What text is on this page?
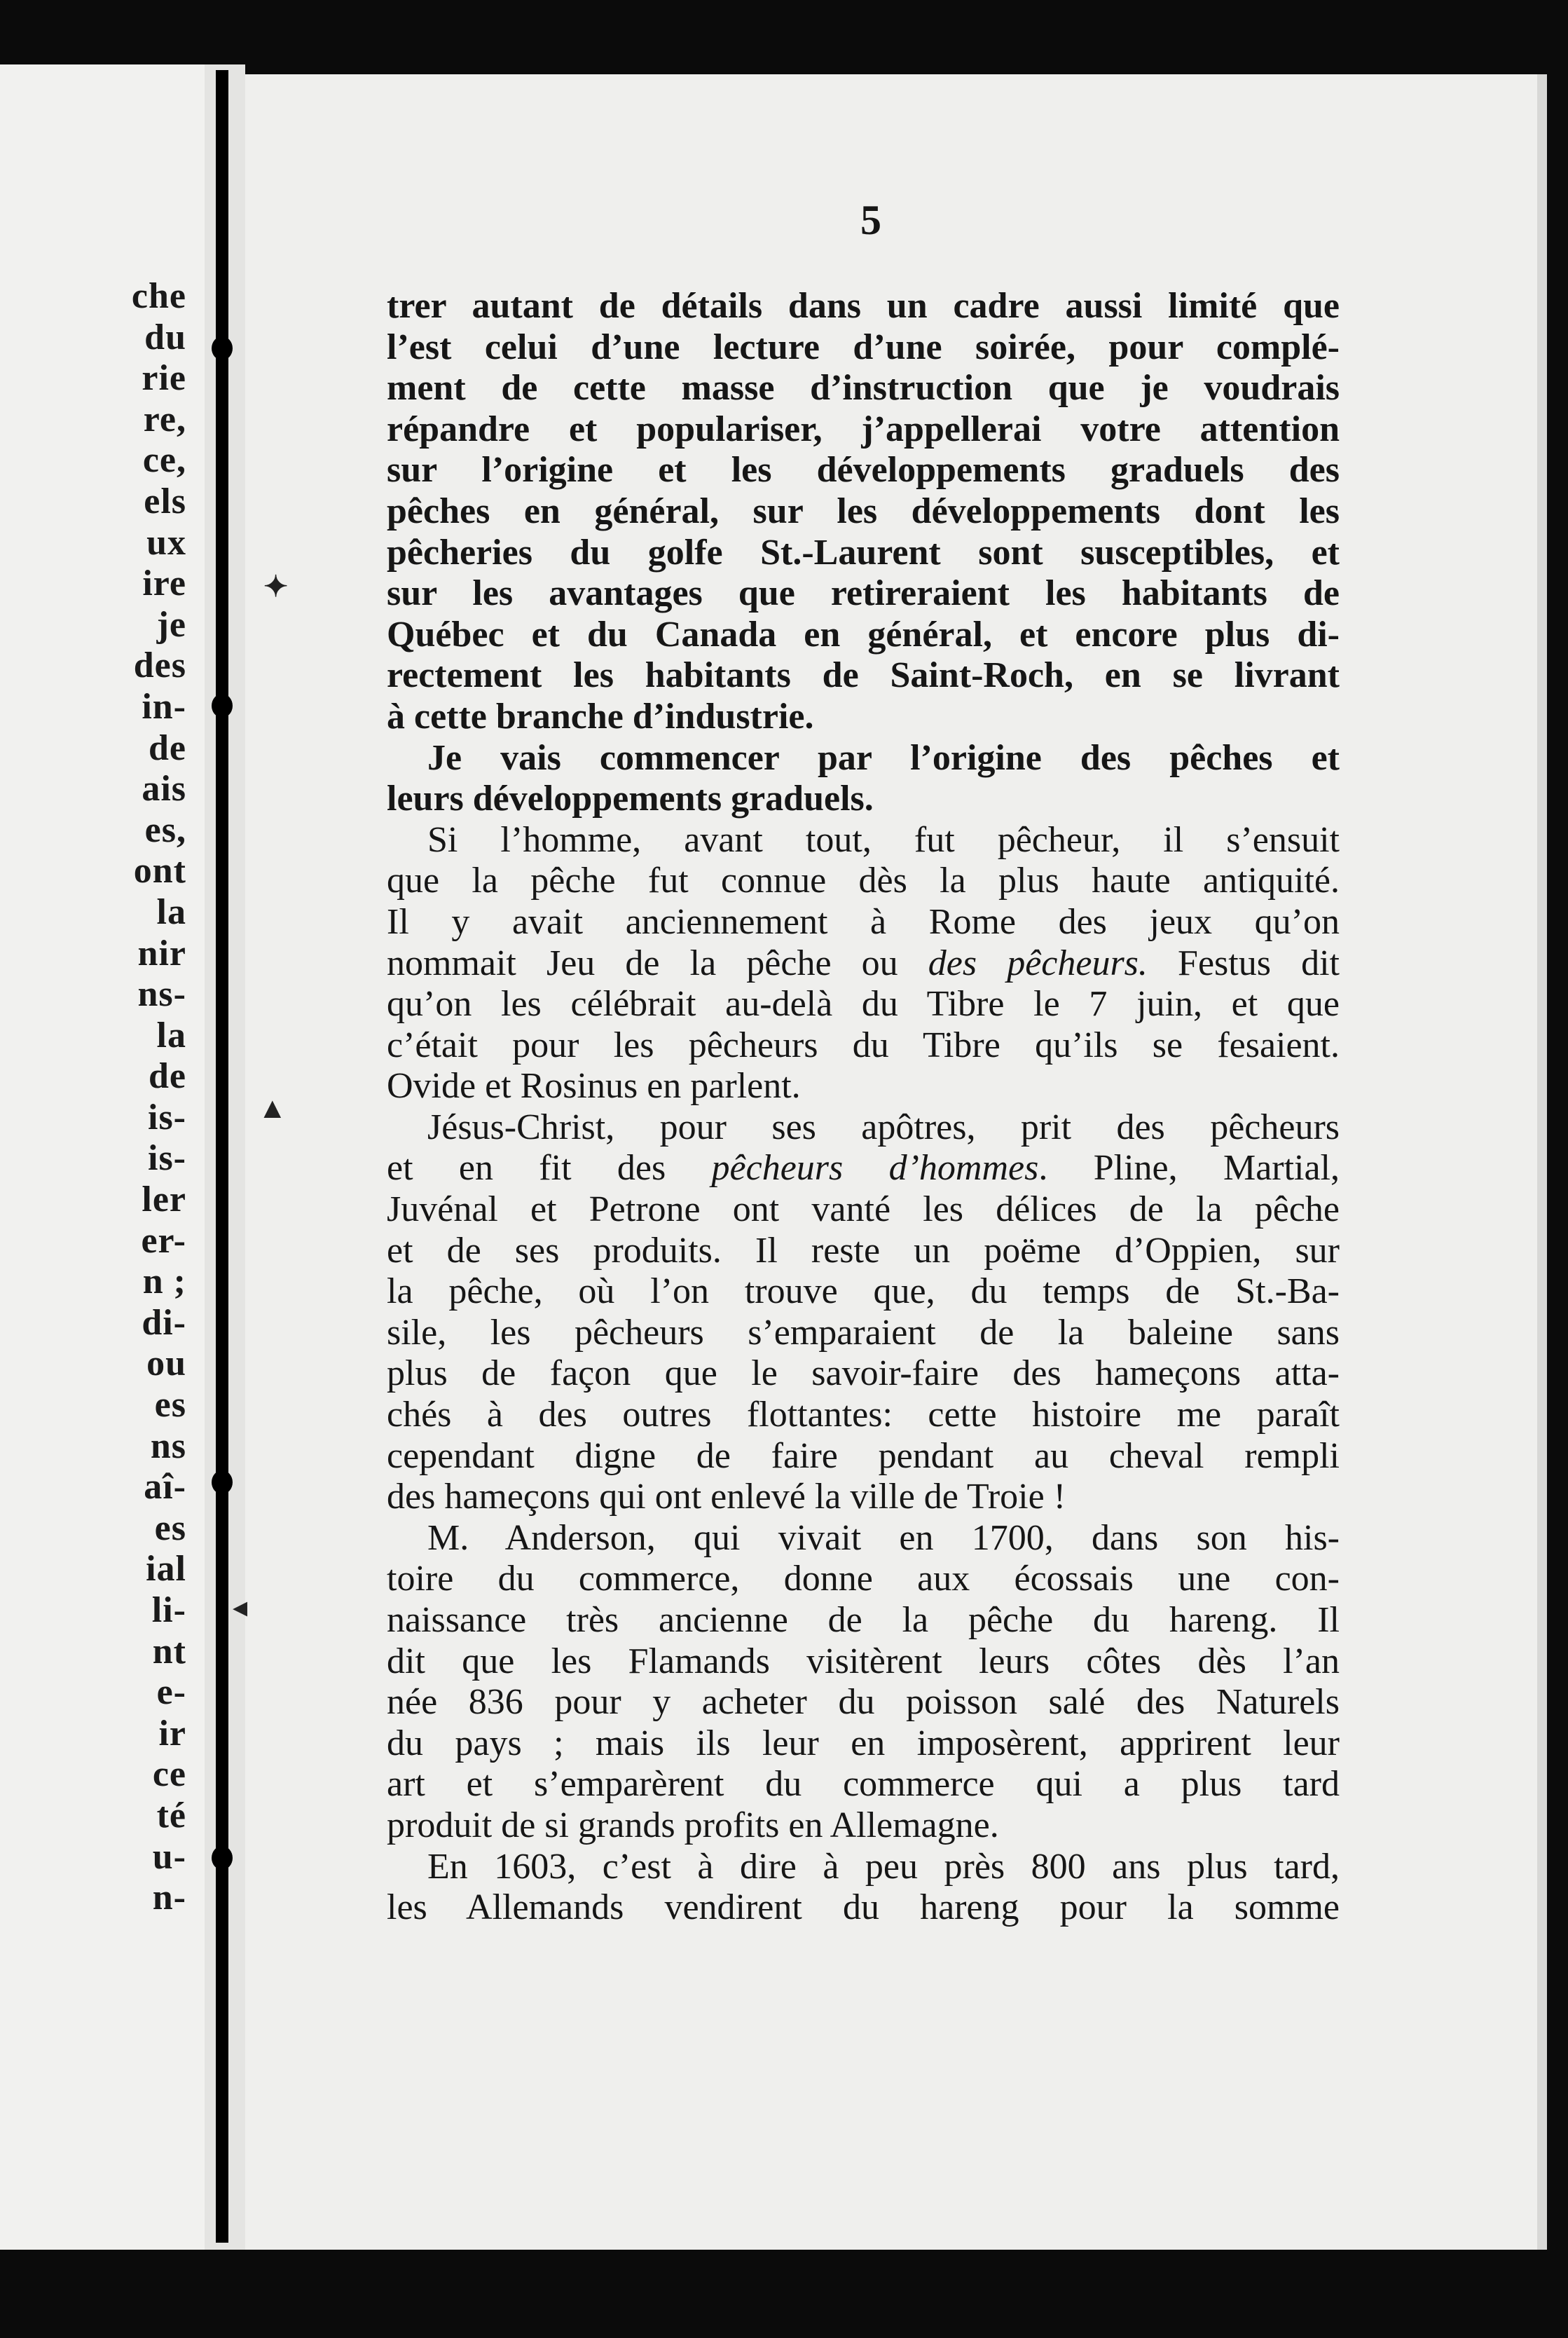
che
du
rie
re,
ce,
els
ux
ire
je
des
in-
de
ais
es,
ont
la
nir
ns-
la
de
is-
is-
ler
er-
n ;
di-
ou
es
ns
aî-
es
ial
li-
nt
e-
ir
ce
té
u-
n-
✦
▲
◂
5
trer autant de détails dans un cadre aussi limité que
l’est celui d’une lecture d’une soirée, pour complé-
ment de cette masse d’instruction que je voudrais
répandre et populariser, j’appellerai votre attention
sur l’origine et les développements graduels des
pêches en général, sur les développements dont les
pêcheries du golfe St.-Laurent sont susceptibles, et
sur les avantages que retireraient les habitants de
Québec et du Canada en général, et encore plus di-
rectement les habitants de Saint-Roch, en se livrant
à cette branche d’industrie.
Je vais commencer par l’origine des pêches et
leurs développements graduels.
Si l’homme, avant tout, fut pêcheur, il s’ensuit
que la pêche fut connue dès la plus haute antiquité.
Il y avait anciennement à Rome des jeux qu’on
nommait Jeu de la pêche ou des pêcheurs. Festus dit
qu’on les célébrait au-delà du Tibre le 7 juin, et que
c’était pour les pêcheurs du Tibre qu’ils se fesaient.
Ovide et Rosinus en parlent.
Jésus-Christ, pour ses apôtres, prit des pêcheurs
et en fit des pêcheurs d’hommes. Pline, Martial,
Juvénal et Petrone ont vanté les délices de la pêche
et de ses produits. Il reste un poëme d’Oppien, sur
la pêche, où l’on trouve que, du temps de St.-Ba-
sile, les pêcheurs s’emparaient de la baleine sans
plus de façon que le savoir-faire des hameçons atta-
chés à des outres flottantes: cette histoire me paraît
cependant digne de faire pendant au cheval rempli
des hameçons qui ont enlevé la ville de Troie !
M. Anderson, qui vivait en 1700, dans son his-
toire du commerce, donne aux écossais une con-
naissance très ancienne de la pêche du hareng. Il
dit que les Flamands visitèrent leurs côtes dès l’an
née 836 pour y acheter du poisson salé des Naturels
du pays ; mais ils leur en imposèrent, apprirent leur
art et s’emparèrent du commerce qui a plus tard
produit de si grands profits en Allemagne.
En 1603, c’est à dire à peu près 800 ans plus tard,
les Allemands vendirent du hareng pour la somme
